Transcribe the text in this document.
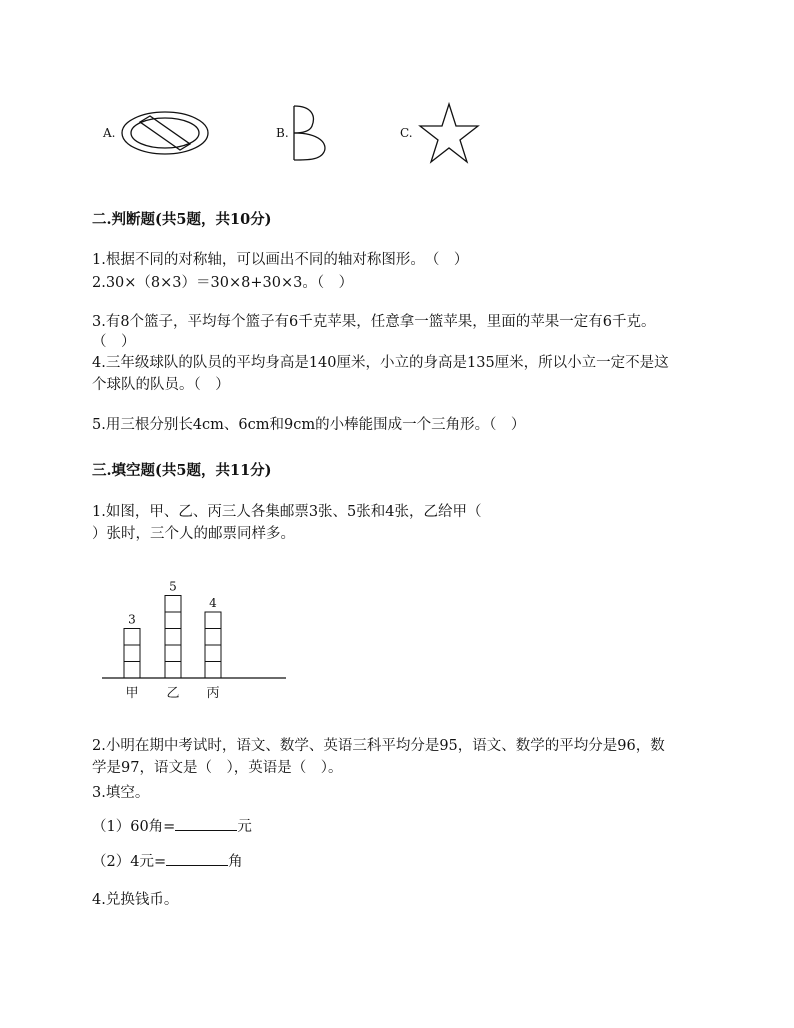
A.	B.	C.
二.判断题(共5题，共10分)
1.根据不同的对称轴，可以画出不同的轴对称图形。　（　）
2.30×（8×3）＝30×8+30×3。（　）
3.有8个篮子，平均每个篮子有6千克苹果，任意拿一篮苹果，里面的苹果一定有6千克。
（　）
4.三年级球队的队员的平均身高是140厘米，小立的身高是135厘米，所以小立一定不是这
个球队的队员。（　）
5.用三根分别长4cm、6cm和9cm的小棒能围成一个三角形。（　）
三.填空题(共5题，共11分)
1.如图，甲、乙、丙三人各集邮票3张、5张和4张，乙给甲（
）张时，三个人的邮票同样多。
3
甲
5
乙
4
丙
2.小明在期中考试时，语文、数学、英语三科平均分是95，语文、数学的平均分是96，数
学是97，语文是（　），英语是（　）。
3.填空。
（1）60角=	元
（2）4元=	角
4.兑换钱币。
